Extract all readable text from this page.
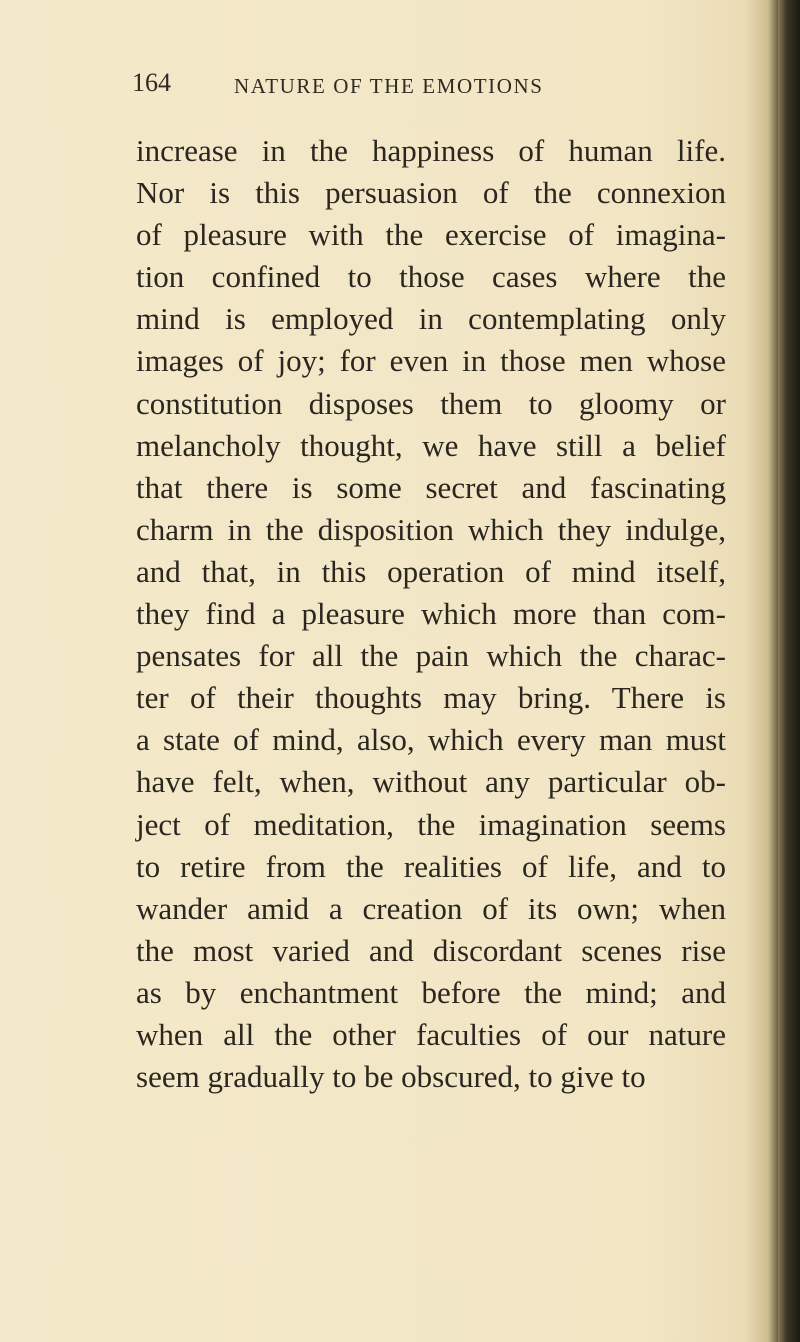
164	NATURE OF THE EMOTIONS
increase in the happiness of human life.
Nor is this persuasion of the connexion
of pleasure with the exercise of imagina-
tion confined to those cases where the
mind is employed in contemplating only
images of joy; for even in those men whose
constitution disposes them to gloomy or
melancholy thought, we have still a belief
that there is some secret and fascinating
charm in the disposition which they indulge,
and that, in this operation of mind itself,
they find a pleasure which more than com-
pensates for all the pain which the charac-
ter of their thoughts may bring. There is
a state of mind, also, which every man must
have felt, when, without any particular ob-
ject of meditation, the imagination seems
to retire from the realities of life, and to
wander amid a creation of its own; when
the most varied and discordant scenes rise
as by enchantment before the mind; and
when all the other faculties of our nature
seem gradually to be obscured, to give to
